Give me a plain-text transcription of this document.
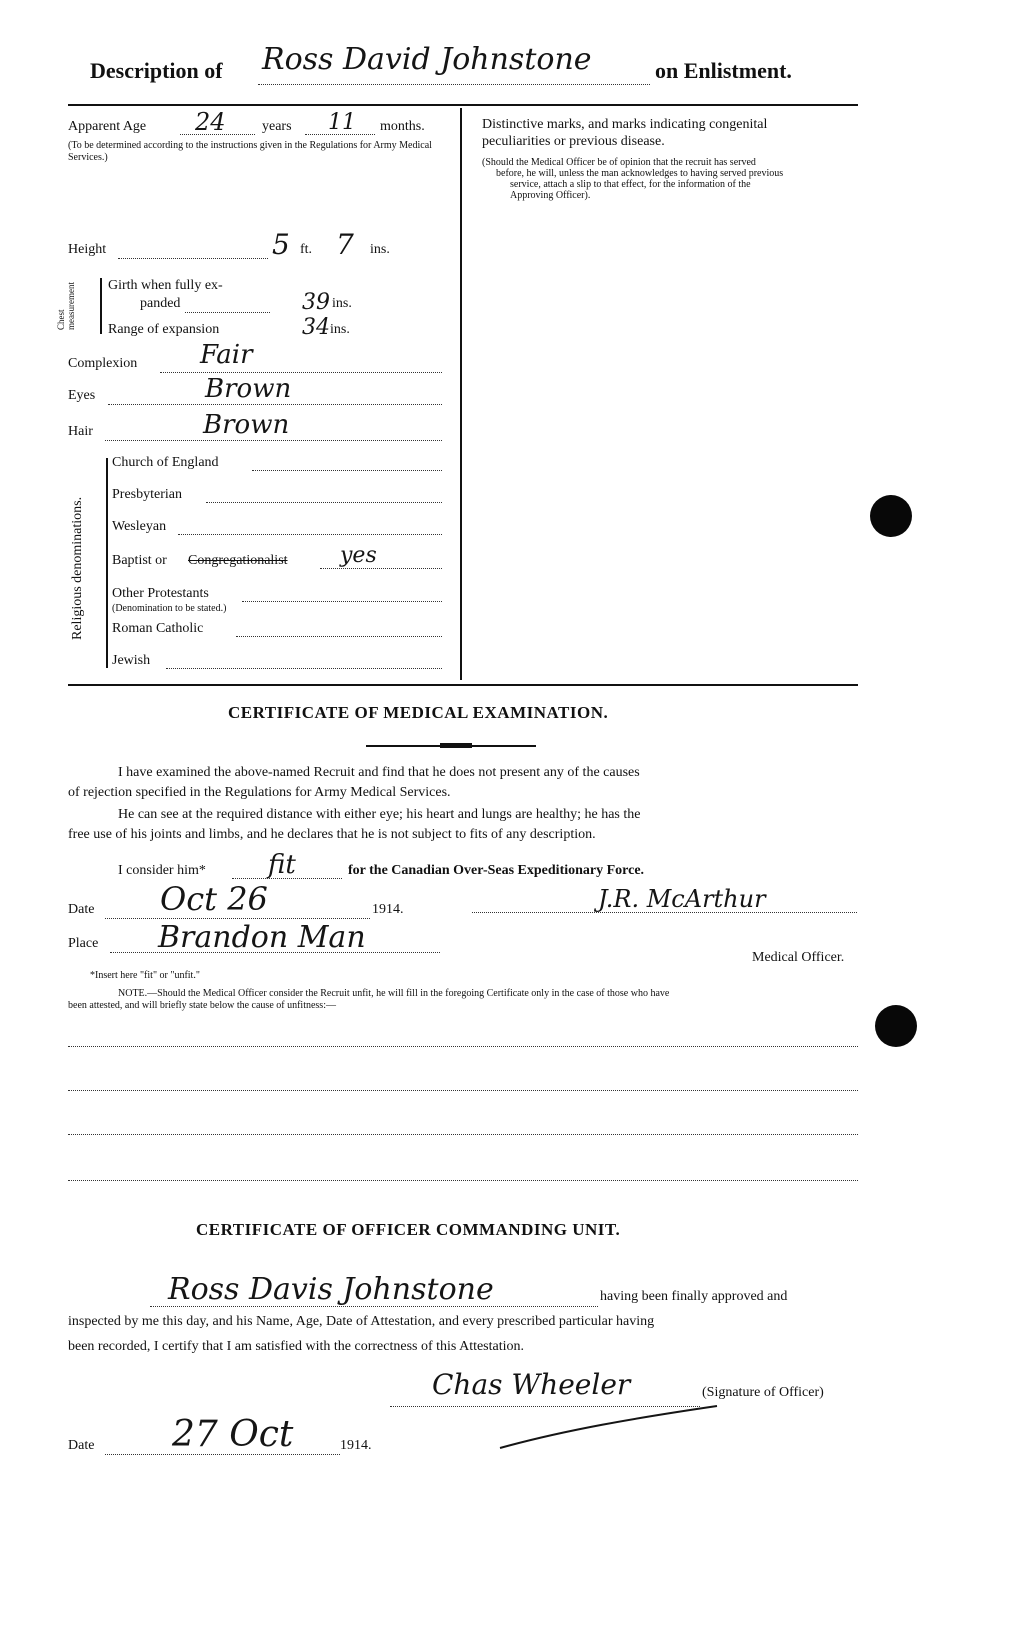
Description of Ross David Johnstone	on Enlistment.
Apparent Age 24	years 11 months.
(To be determined according to the instructions given in the Regulations for Army Medical Services.)
Height	5 ft. 7 ins.
Chest measurement Girth when fully ex-
panded	39 ins.
Range of expansion	34 ins.
Complexion Fair
Eyes	Brown
Hair	Brown
Religious denominations.
Church of England
Presbyterian
Wesleyan
Baptist or Congregationalist yes
Other Protestants
(Denomination to be stated.)
Roman Catholic
Jewish
Distinctive marks, and marks indicating congenital
peculiarities or previous disease.
(Should the Medical Officer be of opinion that the recruit has served
before, he will, unless the man acknowledges to having served previous
service, attach a slip to that effect, for the information of the
Approving Officer).
CERTIFICATE OF MEDICAL EXAMINATION.
I have examined the above-named Recruit and find that he does not present any of the causes
of rejection specified in the Regulations for Army Medical Services.
He can see at the required distance with either eye; his heart and lungs are healthy; he has the
free use of his joints and limbs, and he declares that he is not subject to fits of any description.
I consider him* fit	for the Canadian Over-Seas Expeditionary Force.
Date Oct 26	1914.	J.R. McArthur
Place Brandon Man
Medical Officer.
*Insert here "fit" or "unfit."
NOTE.—Should the Medical Officer consider the Recruit unfit, he will fill in the foregoing Certificate only in the case of those who have
been attested, and will briefly state below the cause of unfitness:—
CERTIFICATE OF OFFICER COMMANDING UNIT.
Ross Davis Johnstone	having been finally approved and
inspected by me this day, and his Name, Age, Date of Attestation, and every prescribed particular having
been recorded, I certify that I am satisfied with the correctness of this Attestation.
Chas Wheeler	(Signature of Officer)
Date 27 Oct	1914.
